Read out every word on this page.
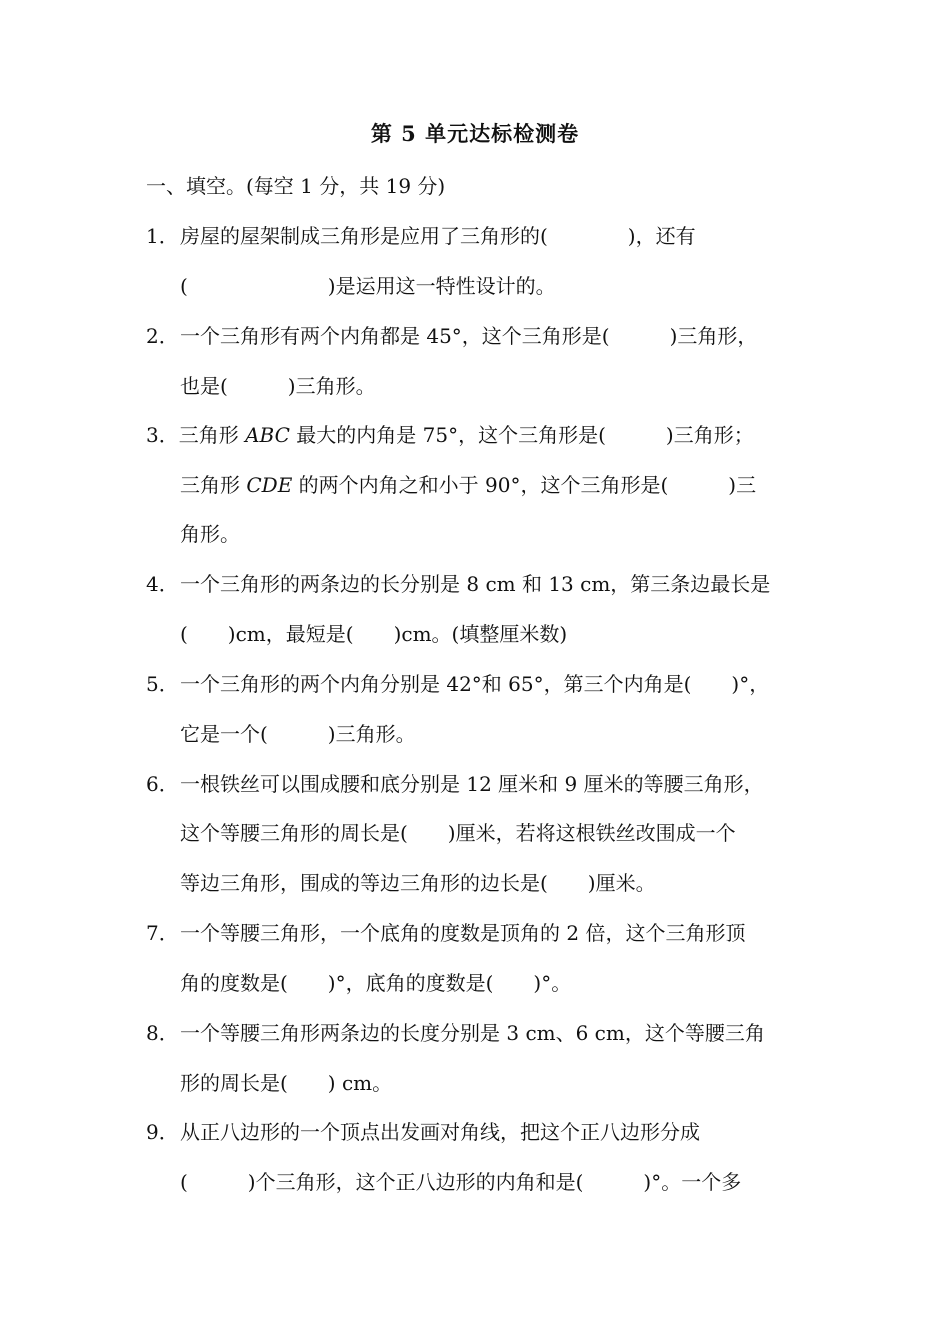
第 5 单元达标检测卷
一、填空。(每空 1 分，共 19 分)
1．房屋的屋架制成三角形是应用了三角形的(　　　　)，还有
(　　　　　　　)是运用这一特性设计的。
2．一个三角形有两个内角都是 45°，这个三角形是(　　　)三角形，
也是(　　　)三角形。
3．三角形 ABC 最大的内角是 75°，这个三角形是(　　　)三角形；
三角形 CDE 的两个内角之和小于 90°，这个三角形是(　　　)三
角形。
4．一个三角形的两条边的长分别是 8 cm 和 13 cm，第三条边最长是
(　　)cm，最短是(　　)cm。(填整厘米数)
5．一个三角形的两个内角分别是 42°和 65°，第三个内角是(　　)°，
它是一个(　　　)三角形。
6．一根铁丝可以围成腰和底分别是 12 厘米和 9 厘米的等腰三角形，
这个等腰三角形的周长是(　　)厘米，若将这根铁丝改围成一个
等边三角形，围成的等边三角形的边长是(　　)厘米。
7．一个等腰三角形，一个底角的度数是顶角的 2 倍，这个三角形顶
角的度数是(　　)°，底角的度数是(　　)°。
8．一个等腰三角形两条边的长度分别是 3 cm、6 cm，这个等腰三角
形的周长是(　　) cm。
9．从正八边形的一个顶点出发画对角线，把这个正八边形分成
(　　　)个三角形，这个正八边形的内角和是(　　　)°。一个多
